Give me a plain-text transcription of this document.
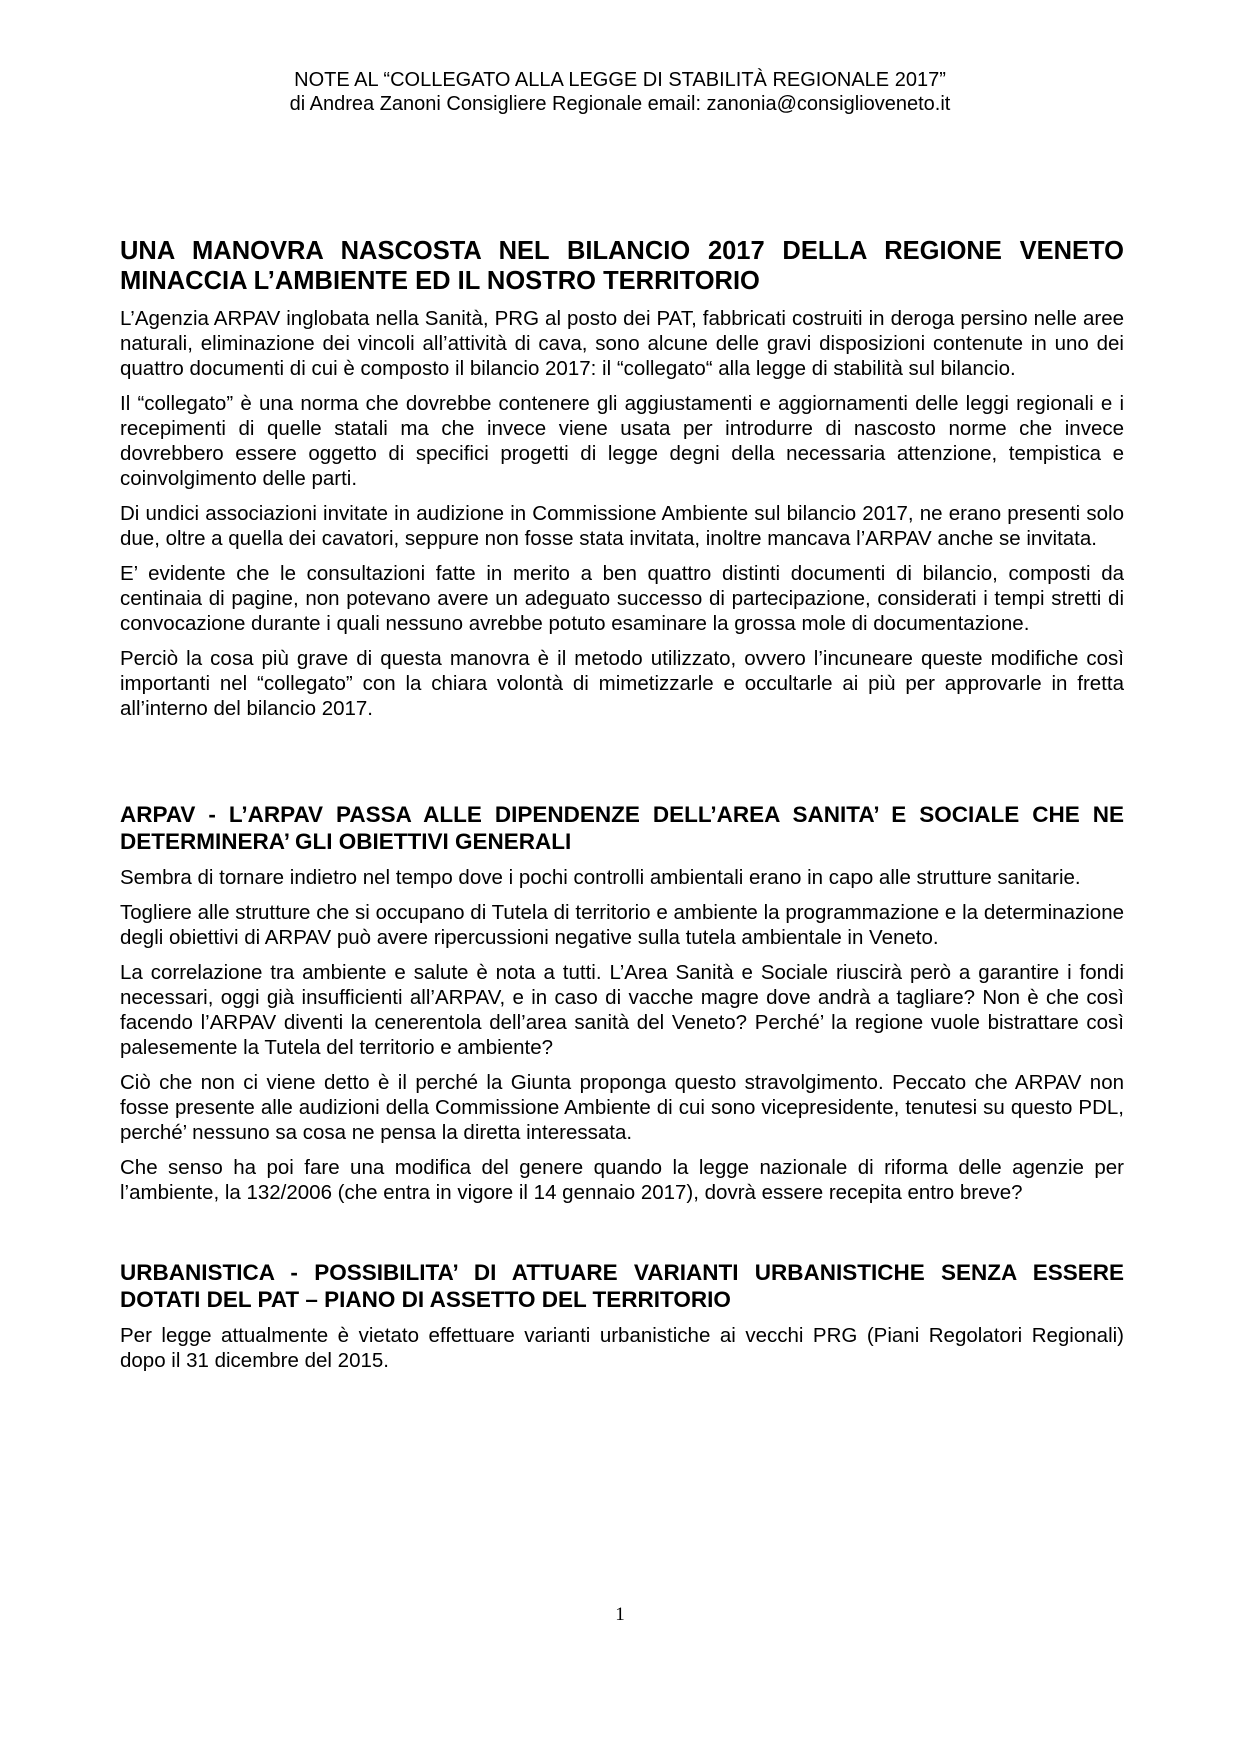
NOTE AL “COLLEGATO ALLA LEGGE DI STABILITÀ REGIONALE 2017”
di Andrea Zanoni Consigliere Regionale email: zanonia@consiglioveneto.it
UNA MANOVRA NASCOSTA NEL BILANCIO 2017 DELLA REGIONE VENETO MINACCIA L’AMBIENTE ED IL NOSTRO TERRITORIO

L’Agenzia ARPAV inglobata nella Sanità, PRG al posto dei PAT, fabbricati costruiti in deroga persino nelle aree naturali, eliminazione dei vincoli all’attività di cava, sono alcune delle gravi disposizioni contenute in uno dei quattro documenti di cui è composto il bilancio 2017: il “collegato“ alla legge di stabilità sul bilancio.

Il “collegato” è una norma che dovrebbe contenere gli aggiustamenti e aggiornamenti delle leggi regionali e i recepimenti di quelle statali ma che invece viene usata per introdurre di nascosto norme che invece dovrebbero essere oggetto di specifici progetti di legge degni della necessaria attenzione, tempistica e coinvolgimento delle parti.

Di undici associazioni invitate in audizione in Commissione Ambiente sul bilancio 2017, ne erano presenti solo due, oltre a quella dei cavatori, seppure non fosse stata invitata, inoltre mancava l’ARPAV anche se invitata.

E’ evidente che le consultazioni fatte in merito a ben quattro distinti documenti di bilancio, composti da centinaia di pagine, non potevano avere un adeguato successo di partecipazione, considerati i tempi stretti di convocazione durante i quali nessuno avrebbe potuto esaminare la grossa mole di documentazione.

Perciò la cosa più grave di questa manovra è il metodo utilizzato, ovvero l’incuneare queste modifiche così importanti nel “collegato” con la chiara volontà di mimetizzarle e occultarle ai più per approvarle in fretta all’interno del bilancio 2017.

ARPAV - L’ARPAV PASSA ALLE DIPENDENZE DELL’AREA SANITA’ E SOCIALE CHE NE DETERMINERA’ GLI OBIETTIVI GENERALI

Sembra di tornare indietro nel tempo dove i pochi controlli ambientali erano in capo alle strutture sanitarie.

Togliere alle strutture che si occupano di Tutela di territorio e ambiente la programmazione e la determinazione degli obiettivi di ARPAV può avere ripercussioni negative sulla tutela ambientale in Veneto.

La correlazione tra ambiente e salute è nota a tutti. L’Area Sanità e Sociale riuscirà però a garantire i fondi necessari, oggi già insufficienti all’ARPAV, e in caso di vacche magre dove andrà a tagliare? Non è che così facendo l’ARPAV diventi la cenerentola dell’area sanità del Veneto? Perché’ la regione vuole bistrattare così palesemente la Tutela del territorio e ambiente?

Ciò che non ci viene detto è il perché la Giunta proponga questo stravolgimento. Peccato che ARPAV non fosse presente alle audizioni della Commissione Ambiente di cui sono vicepresidente, tenutesi su questo PDL, perché’ nessuno sa cosa ne pensa la diretta interessata.

Che senso ha poi fare una modifica del genere quando la legge nazionale di riforma delle agenzie per l’ambiente, la 132/2006 (che entra in vigore il 14 gennaio 2017), dovrà essere recepita entro breve?

URBANISTICA - POSSIBILITA’ DI ATTUARE VARIANTI URBANISTICHE SENZA ESSERE DOTATI DEL PAT – PIANO DI ASSETTO DEL TERRITORIO

Per legge attualmente è vietato effettuare varianti urbanistiche ai vecchi PRG (Piani Regolatori Regionali) dopo il 31 dicembre del 2015.

1
